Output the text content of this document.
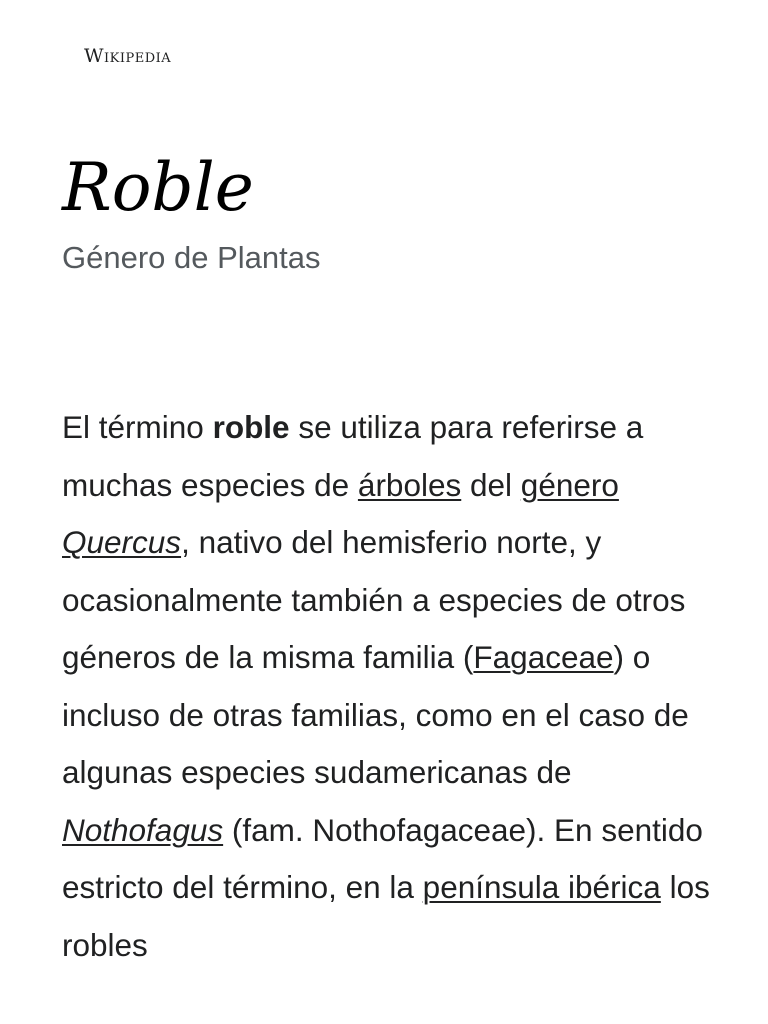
Wikipedia
Roble
Género de Plantas

El término roble se utiliza para referirse a muchas especies de árboles del género Quercus, nativo del hemisferio norte, y ocasionalmente también a especies de otros géneros de la misma familia (Fagaceae) o incluso de otras familias, como en el caso de algunas especies sudamericanas de Nothofagus (fam. Nothofagaceae). En sentido estricto del término, en la península ibérica los robles
